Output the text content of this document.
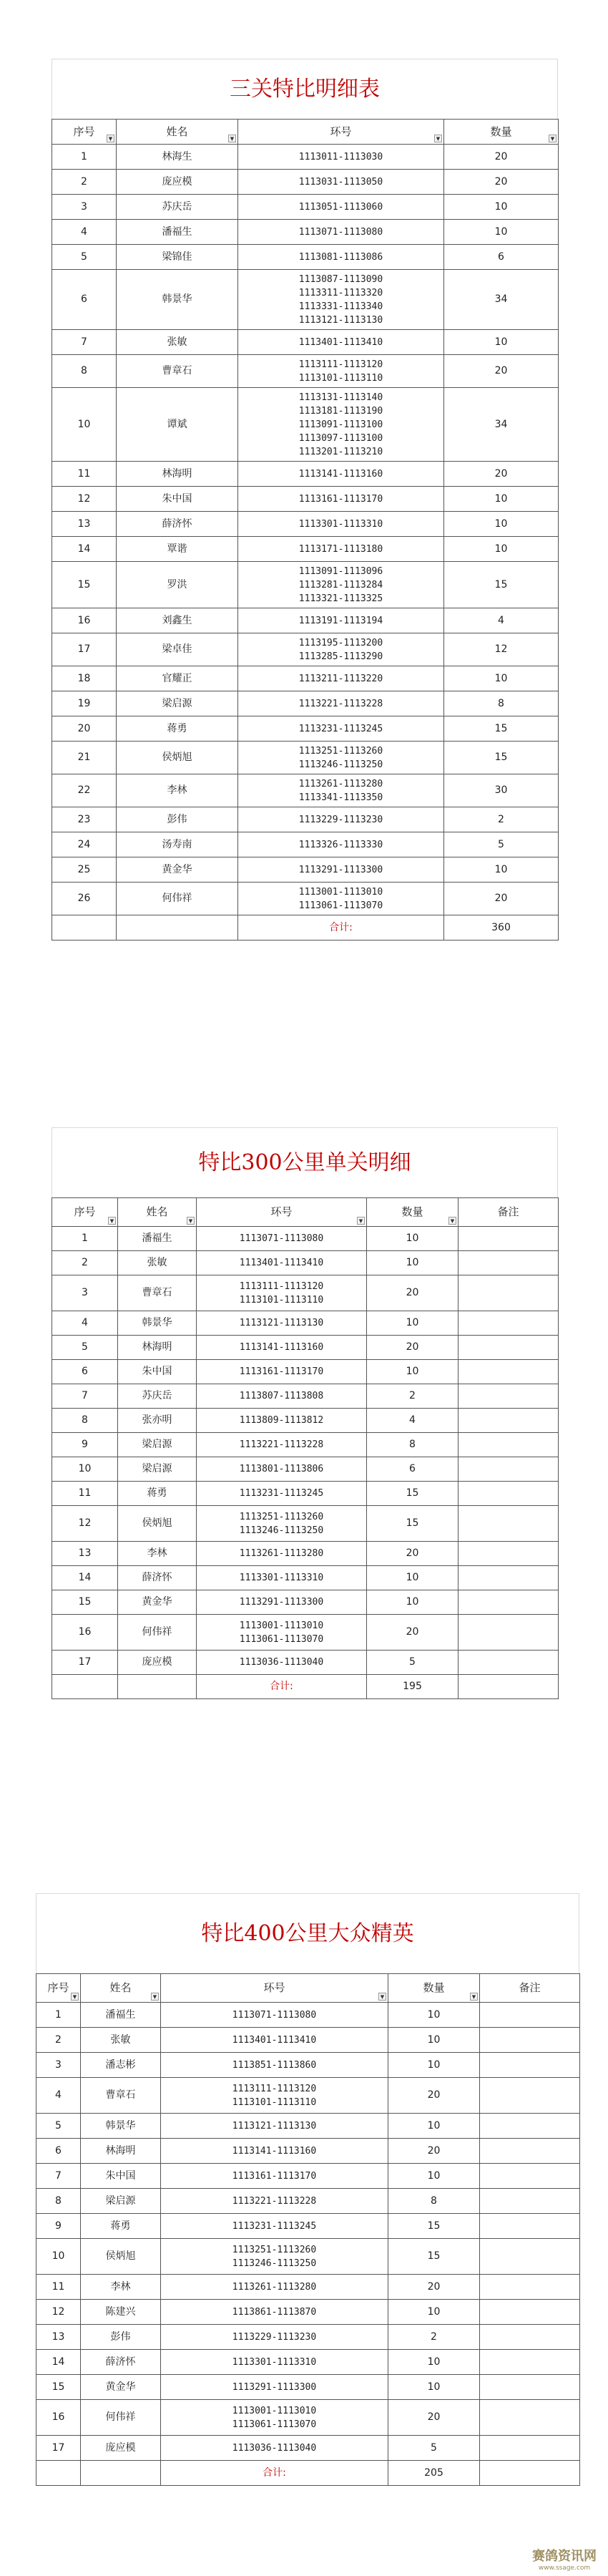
三关特比明细表
序号
▼	姓名
▼	环号
▼	数量
▼

1	林海生	1113011-1113030	20
2	庞应模	1113031-1113050	20
3	苏庆岳	1113051-1113060	10
4	潘福生	1113071-1113080	10
5	梁锦佳	1113081-1113086	6
6	韩景华	1113087-1113090
1113311-1113320
1113331-1113340
1113121-1113130	34
7	张敏	1113401-1113410	10
8	曹章石	1113111-1113120
1113101-1113110	20
10	谭斌	1113131-1113140
1113181-1113190
1113091-1113100
1113097-1113100
1113201-1113210	34
11	林海明	1113141-1113160	20
12	朱中国	1113161-1113170	10
13	薛济怀	1113301-1113310	10
14	覃谐	1113171-1113180	10
15	罗洪	1113091-1113096
1113281-1113284
1113321-1113325	15
16	刘鑫生	1113191-1113194	4
17	梁卓佳	1113195-1113200
1113285-1113290	12
18	官耀正	1113211-1113220	10
19	梁启源	1113221-1113228	8
20	蒋勇	1113231-1113245	15
21	侯炳旭	1113251-1113260
1113246-1113250	15
22	李林	1113261-1113280
1113341-1113350	30
23	彭伟	1113229-1113230	2
24	汤寿南	1113326-1113330	5
25	黄金华	1113291-1113300	10
26	何伟祥	1113001-1113010
1113061-1113070	20
		合计:	360
特比300公里单关明细
序号
▼	姓名
▼	环号
▼	数量
▼	备注
1	潘福生	1113071-1113080	10	
2	张敏	1113401-1113410	10	
3	曹章石	1113111-1113120
1113101-1113110	20	
4	韩景华	1113121-1113130	10	
5	林海明	1113141-1113160	20	
6	朱中国	1113161-1113170	10	
7	苏庆岳	1113807-1113808	2	
8	张亦明	1113809-1113812	4	
9	梁启源	1113221-1113228	8	
10	梁启源	1113801-1113806	6	
11	蒋勇	1113231-1113245	15	
12	侯炳旭	1113251-1113260
1113246-1113250	15	
13	李林	1113261-1113280	20	
14	薛济怀	1113301-1113310	10	
15	黄金华	1113291-1113300	10	
16	何伟祥	1113001-1113010
1113061-1113070	20	
17	庞应模	1113036-1113040	5	
		合计:	195	
特比400公里大众精英
序号
▼	姓名
▼	环号
▼	数量
▼	备注
1	潘福生	1113071-1113080	10	
2	张敏	1113401-1113410	10	
3	潘志彬	1113851-1113860	10	
4	曹章石	1113111-1113120
1113101-1113110	20	
5	韩景华	1113121-1113130	10	
6	林海明	1113141-1113160	20	
7	朱中国	1113161-1113170	10	
8	梁启源	1113221-1113228	8	
9	蒋勇	1113231-1113245	15	
10	侯炳旭	1113251-1113260
1113246-1113250	15	
11	李林	1113261-1113280	20	
12	陈建兴	1113861-1113870	10	
13	彭伟	1113229-1113230	2	
14	薛济怀	1113301-1113310	10	
15	黄金华	1113291-1113300	10	
16	何伟祥	1113001-1113010
1113061-1113070	20	
17	庞应模	1113036-1113040	5	
		合计:	205	
赛鸽资讯网
www.ssage.com
